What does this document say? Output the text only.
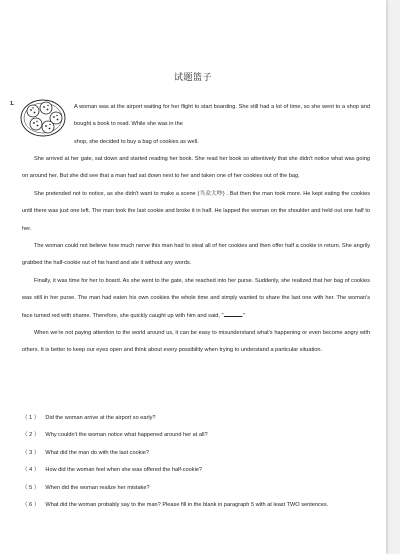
试题篮子
1.	A woman was at the airport waiting for her flight to start boarding. She still had a lot of time, so she went to a shop and bought a book to read. While she was in the
shop, she decided to buy a bag of cookies as well.

She arrived at her gate, sat down and started reading her book. She read her book so attentively that she didn't notice what was going on around her. But she did see that a man had sat down next to her and taken one of her cookies out of the bag.

She pretended not to notice, as she didn't want to make a scene (当众大吵) . But then the man took more. He kept eating the cookies until there was just one left. The man took the last cookie and broke it in half. He lapped the woman on the shoulder and held out one half to her.

The woman could not believe how much nerve this man had to steal all of her cookies and then offer half a cookie in return. She angrily grabbed the half-cookie out of his hand and ate it without any words.

Finally, it was time for her to board. As she went to the gate, she reached into her purse. Suddenly, she realized that her bag of cookies was still in her purse. The man had eaten his own cookies the whole time and simply wanted to share the last one with her. The woman's face turned red with shame. Therefore, she quickly caught up with him and said, "	."

When we're not paying attention to the world around us, it can be easy to misunderstand what's happening or even become angry with others. It is better to keep our eyes open and think about every possibility when trying to understand a particular situation.

（ 1 ） Did the woman arrive at the airport so early?
（ 2 ） Why couldn't the woman notice what happened around her at all?
（ 3 ） What did the man do with the last cookie?
（ 4 ） How did the woman feel when she was offered the half-cookie?
（ 5 ） When did the woman realize her mistake?
（ 6 ） What did the woman probably say to the man? Please fill in the blank in paragraph 5 with at least TWO sentences.
